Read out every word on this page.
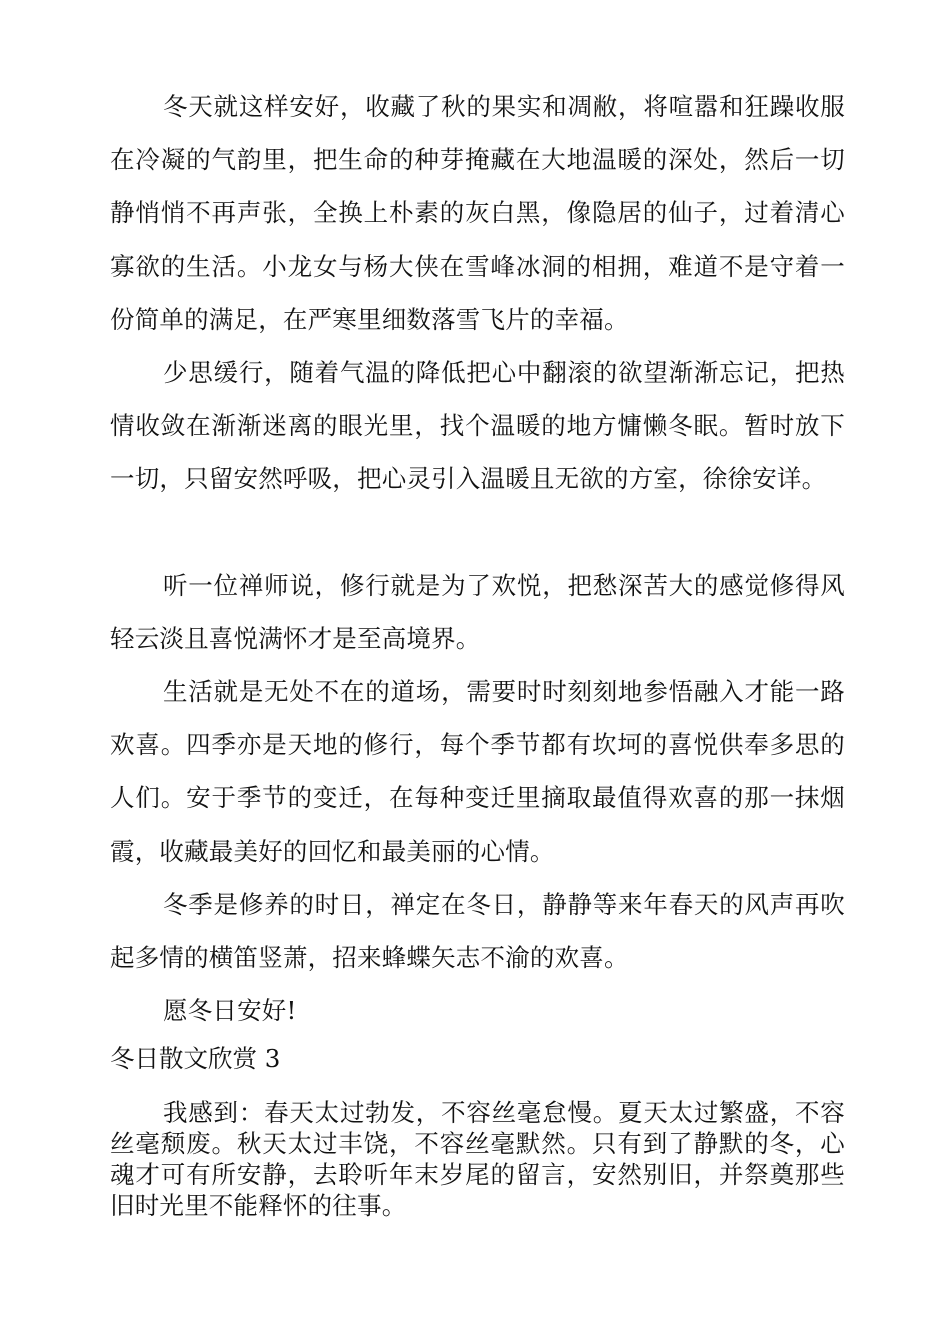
冬天就这样安好，收藏了秋的果实和凋敝，将喧嚣和狂躁收服在冷凝的气韵里，把生命的种芽掩藏在大地温暖的深处，然后一切静悄悄不再声张，全换上朴素的灰白黑，像隐居的仙子，过着清心寡欲的生活。小龙女与杨大侠在雪峰冰洞的相拥，难道不是守着一份简单的满足，在严寒里细数落雪飞片的幸福。

少思缓行，随着气温的降低把心中翻滚的欲望渐渐忘记，把热情收敛在渐渐迷离的眼光里，找个温暖的地方慵懒冬眠。暂时放下一切，只留安然呼吸，把心灵引入温暖且无欲的方室，徐徐安详。

听一位禅师说，修行就是为了欢悦，把愁深苦大的感觉修得风轻云淡且喜悦满怀才是至高境界。

生活就是无处不在的道场，需要时时刻刻地参悟融入才能一路欢喜。四季亦是天地的修行，每个季节都有坎坷的喜悦供奉多思的人们。安于季节的变迁，在每种变迁里摘取最值得欢喜的那一抹烟霞，收藏最美好的回忆和最美丽的心情。

冬季是修养的时日，禅定在冬日，静静等来年春天的风声再吹起多情的横笛竖萧，招来蜂蝶矢志不渝的欢喜。

愿冬日安好!

冬日散文欣赏 3

我感到：春天太过勃发，不容丝毫怠慢。夏天太过繁盛，不容丝毫颓废。秋天太过丰饶，不容丝毫默然。只有到了静默的冬，心魂才可有所安静，去聆听年末岁尾的留言，安然别旧，并祭奠那些旧时光里不能释怀的往事。
